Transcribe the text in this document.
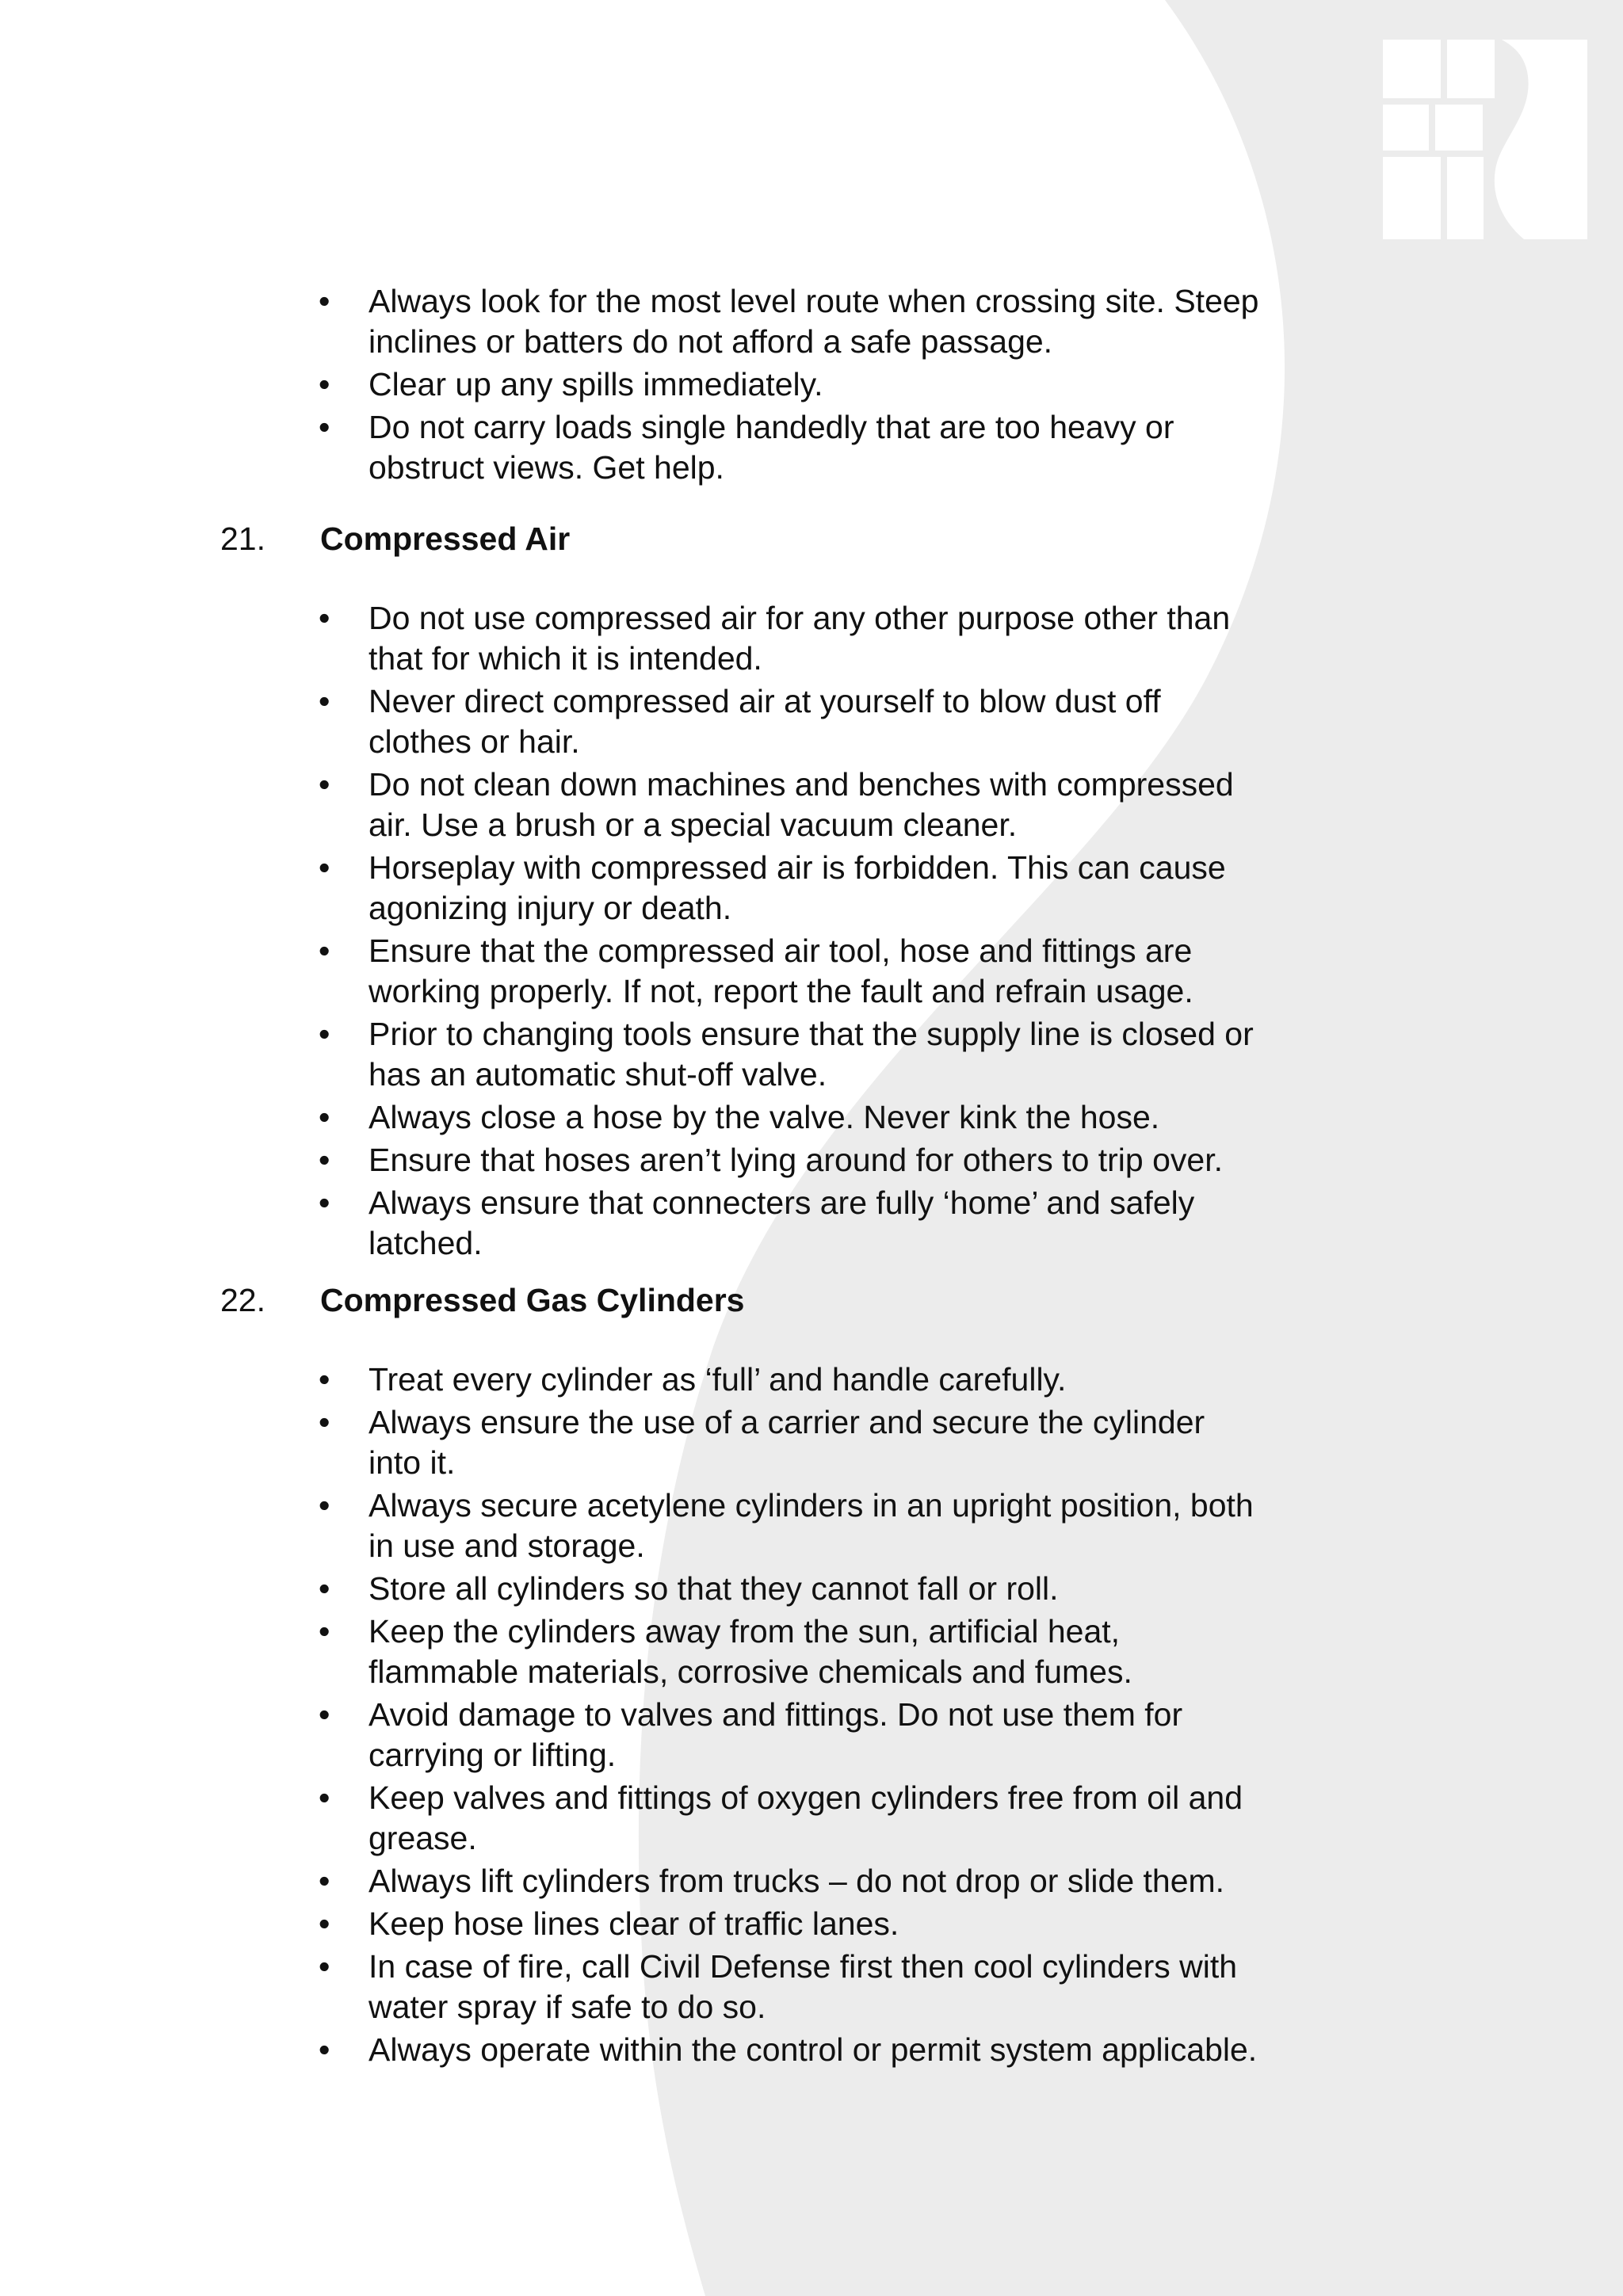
• Always look for the most level route when crossing site. Steep inclines or batters do not afford a safe passage.
• Clear up any spills immediately.
• Do not carry loads single handedly that are too heavy or obstruct views. Get help.
21. Compressed Air
• Do not use compressed air for any other purpose other than that for which it is intended.
• Never direct compressed air at yourself to blow dust off clothes or hair.
• Do not clean down machines and benches with compressed air. Use a brush or a special vacuum cleaner.
• Horseplay with compressed air is forbidden. This can cause agonizing injury or death.
• Ensure that the compressed air tool, hose and fittings are working properly. If not, report the fault and refrain usage.
• Prior to changing tools ensure that the supply line is closed or has an automatic shut-off valve.
• Always close a hose by the valve. Never kink the hose.
• Ensure that hoses aren’t lying around for others to trip over.
• Always ensure that connecters are fully ‘home’ and safely latched.
22. Compressed Gas Cylinders
• Treat every cylinder as ‘full’ and handle carefully.
• Always ensure the use of a carrier and secure the cylinder into it.
• Always secure acetylene cylinders in an upright position, both in use and storage.
• Store all cylinders so that they cannot fall or roll.
• Keep the cylinders away from the sun, artificial heat, flammable materials, corrosive chemicals and fumes.
• Avoid damage to valves and fittings. Do not use them for carrying or lifting.
• Keep valves and fittings of oxygen cylinders free from oil and grease.
• Always lift cylinders from trucks – do not drop or slide them.
• Keep hose lines clear of traffic lanes.
• In case of fire, call Civil Defense first then cool cylinders with water spray if safe to do so.
• Always operate within the control or permit system applicable.
